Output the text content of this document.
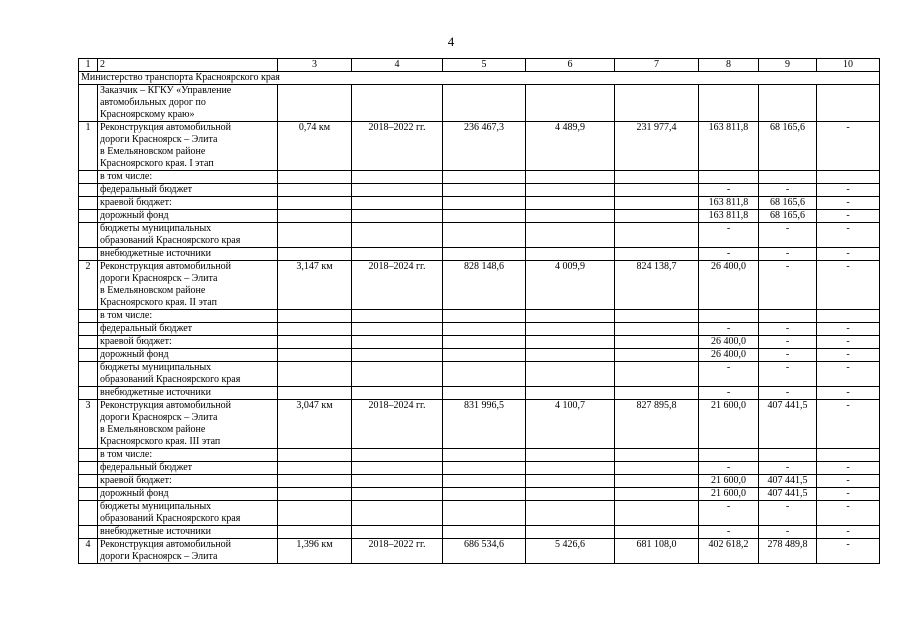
4
1	2	3	4	5	6	7	8	9	10
Министерство транспорта Красноярского края									

	Заказчик – КГКУ «Управление
автомобильных дорог по
Красноярскому краю»								

1	Реконструкция автомобильной
дороги Красноярск – Элита
в Емельяновском районе
Красноярского края. I этап	0,74 км	2018–2022 гг.	236 467,3	4 489,9	231 977,4	163 811,8	68 165,6	-

	в том числе:								

	федеральный бюджет						-	-	-

	краевой бюджет:						163 811,8	68 165,6	-

	дорожный фонд						163 811,8	68 165,6	-

	бюджеты муниципальных
образований Красноярского края						-	-	-

	внебюджетные источники						-	-	-
2	Реконструкция автомобильной
дороги Красноярск – Элита
в Емельяновском районе
Красноярского края. II этап	3,147 км	2018–2024 гг.	828 148,6	4 009,9	824 138,7	26 400,0	-	-

	в том числе:								

	федеральный бюджет						-	-	-

	краевой бюджет:						26 400,0	-	-

	дорожный фонд						26 400,0	-	-

	бюджеты муниципальных
образований Красноярского края						-	-	-

	внебюджетные источники						-	-	-
3	Реконструкция автомобильной
дороги Красноярск – Элита
в Емельяновском районе
Красноярского края. III этап	3,047 км	2018–2024 гг.	831 996,5	4 100,7	827 895,8	21 600,0	407 441,5	-

	в том числе:								

	федеральный бюджет						-	-	-

	краевой бюджет:						21 600,0	407 441,5	-

	дорожный фонд						21 600,0	407 441,5	-

	бюджеты муниципальных
образований Красноярского края						-	-	-

	внебюджетные источники						-	-	-
4	Реконструкция автомобильной
дороги Красноярск – Элита	1,396 км	2018–2022 гг.	686 534,6	5 426,6	681 108,0	402 618,2	278 489,8	-
